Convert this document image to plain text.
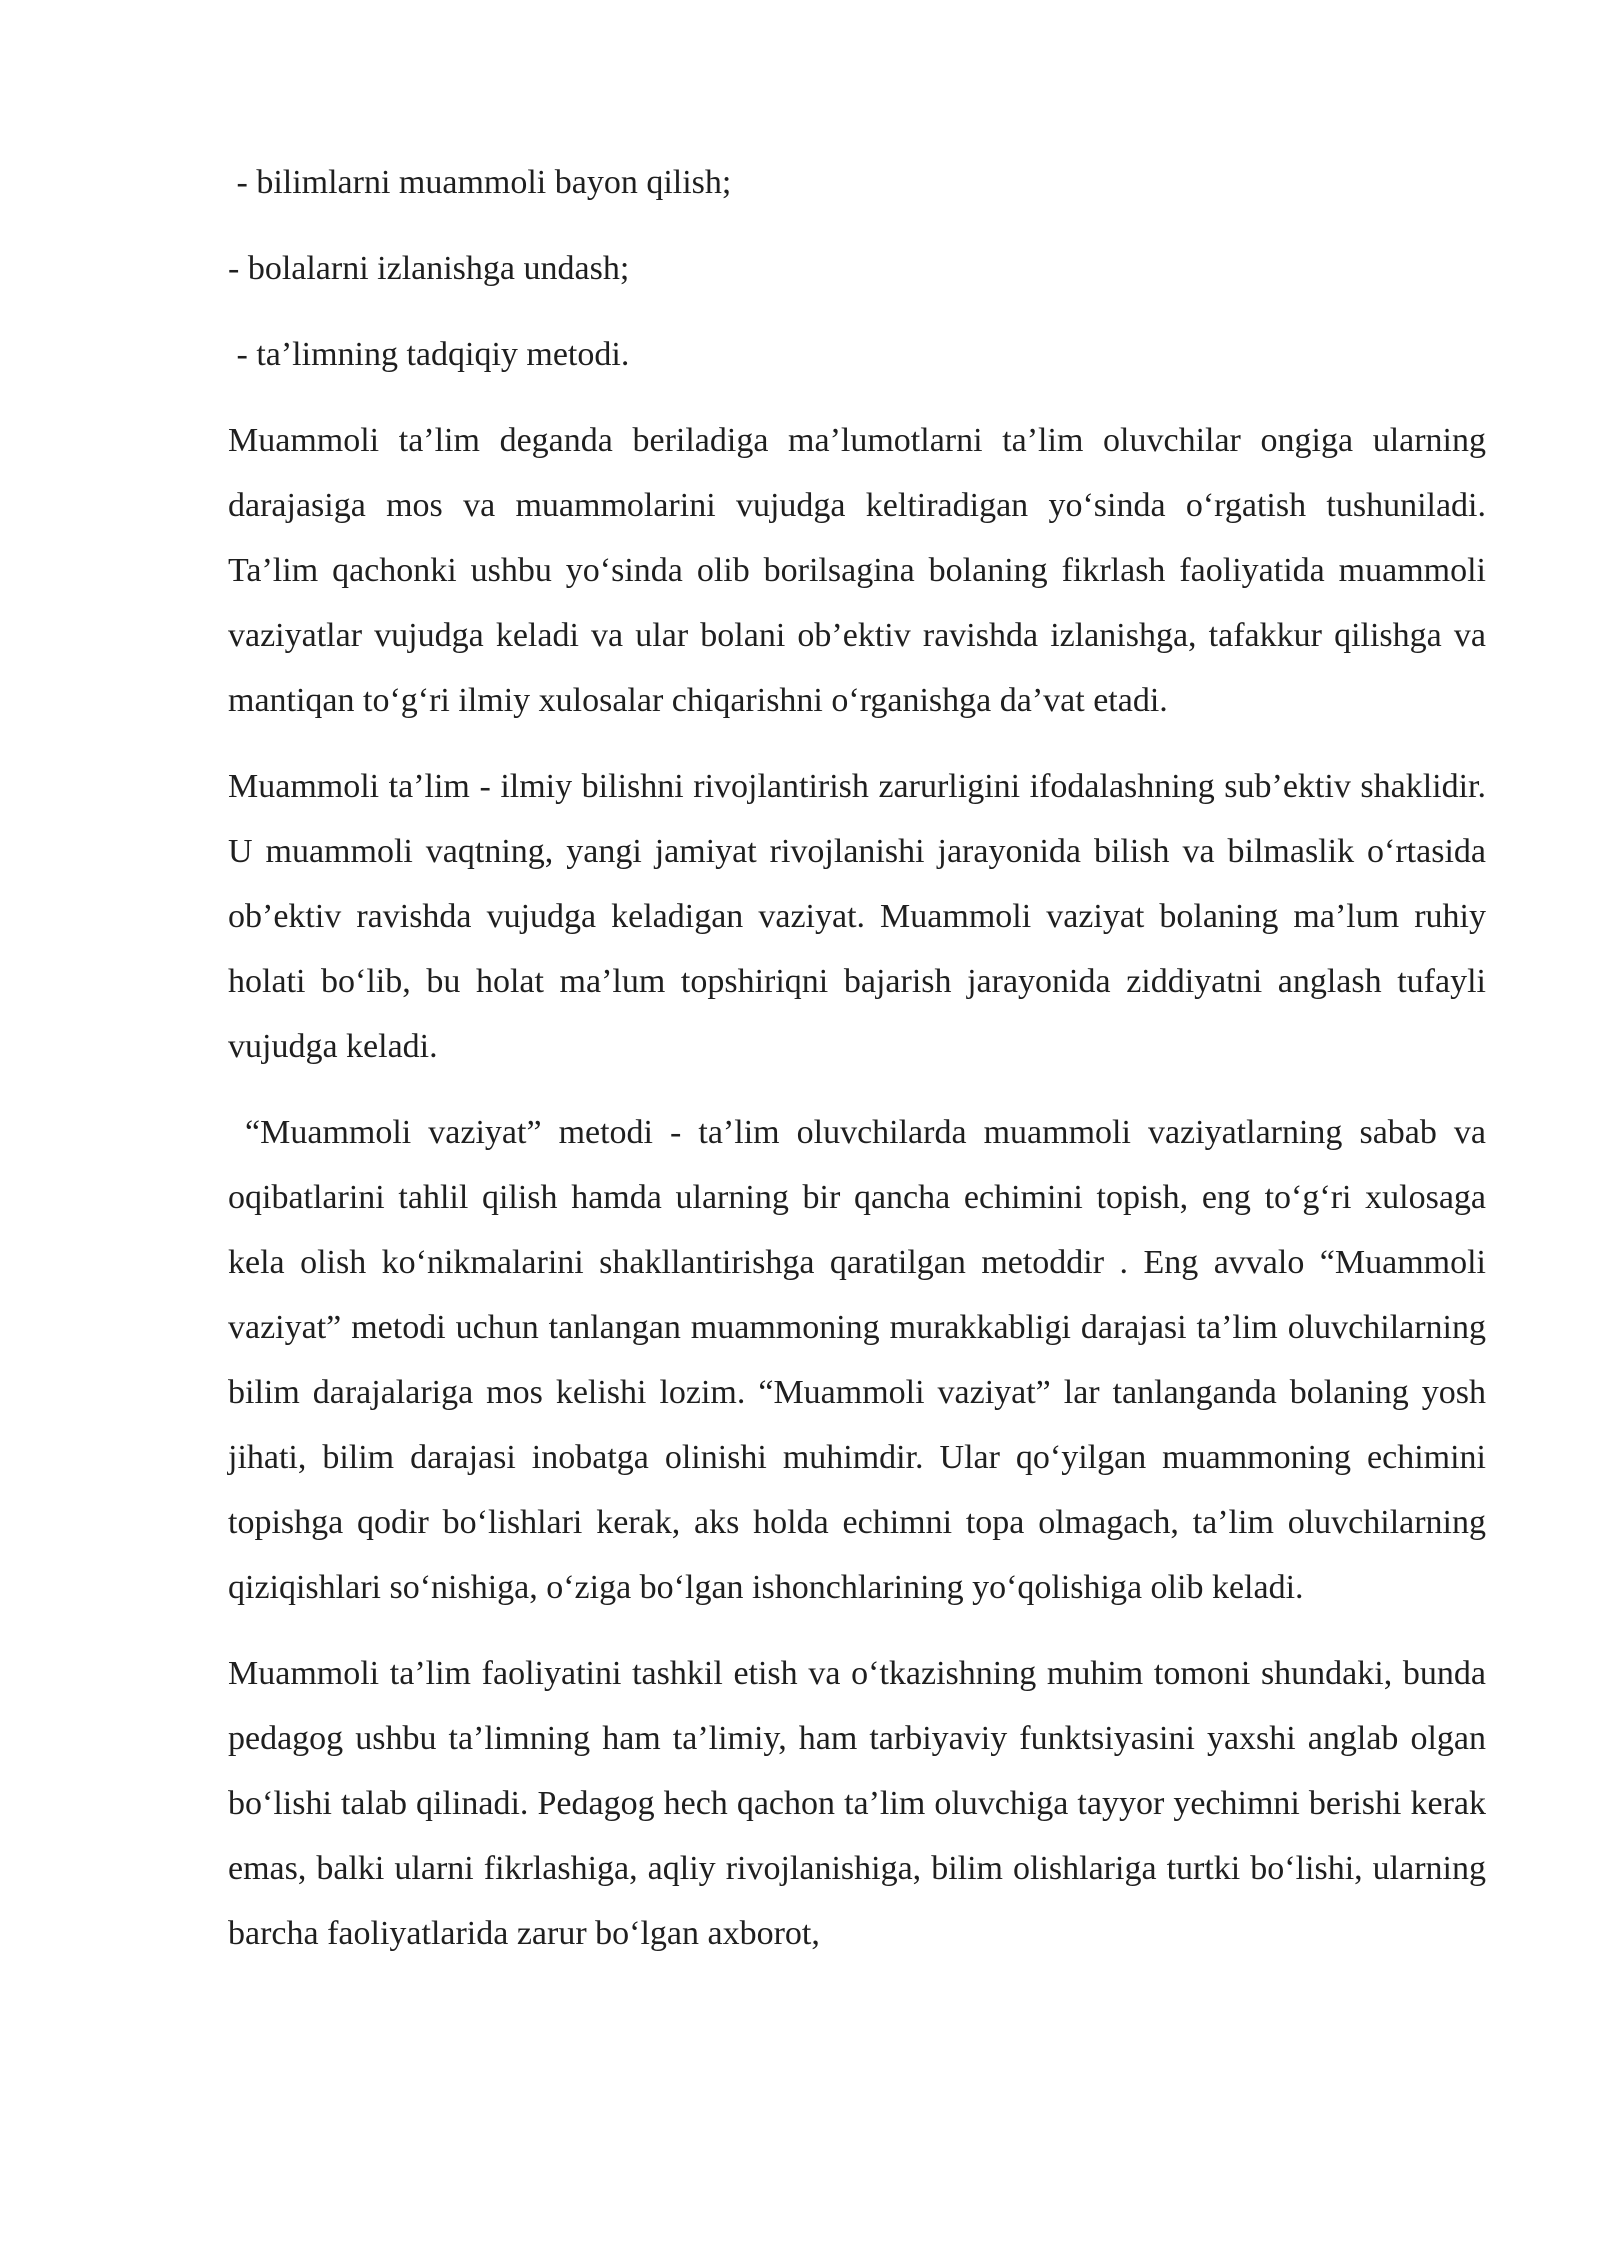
- bilimlarni muammoli bayon qilish;

- bolalarni izlanishga undash;

- ta’limning tadqiqiy metodi.

Muammoli ta’lim deganda beriladiga ma’lumotlarni ta’lim oluvchilar ongiga ularning darajasiga mos va muammolarini vujudga keltiradigan yo‘sinda o‘rgatish tushuniladi. Ta’lim qachonki ushbu yo‘sinda olib borilsagina bolaning fikrlash faoliyatida muammoli vaziyatlar vujudga keladi va ular bolani ob’ektiv ravishda izlanishga, tafakkur qilishga va mantiqan to‘g‘ri ilmiy xulosalar chiqarishni o‘rganishga da’vat etadi.

Muammoli ta’lim - ilmiy bilishni rivojlantirish zarurligini ifodalashning sub’ektiv shaklidir. U muammoli vaqtning, yangi jamiyat rivojlanishi jarayonida bilish va bilmaslik o‘rtasida ob’ektiv ravishda vujudga keladigan vaziyat. Muammoli vaziyat bolaning ma’lum ruhiy holati bo‘lib, bu holat ma’lum topshiriqni bajarish jarayonida ziddiyatni anglash tufayli vujudga keladi.

“Muammoli vaziyat” metodi - ta’lim oluvchilarda muammoli vaziyatlarning sabab va oqibatlarini tahlil qilish hamda ularning bir qancha echimini topish, eng to‘g‘ri xulosaga kela olish ko‘nikmalarini shakllantirishga qaratilgan metoddir . Eng avvalo “Muammoli vaziyat” metodi uchun tanlangan muammoning murakkabligi darajasi ta’lim oluvchilarning bilim darajalariga mos kelishi lozim. “Muammoli vaziyat” lar tanlanganda bolaning yosh jihati, bilim darajasi inobatga olinishi muhimdir. Ular qo‘yilgan muammoning echimini topishga qodir bo‘lishlari kerak, aks holda echimni topa olmagach, ta’lim oluvchilarning qiziqishlari so‘nishiga, o‘ziga bo‘lgan ishonchlarining yo‘qolishiga olib keladi.

Muammoli ta’lim faoliyatini tashkil etish va o‘tkazishning muhim tomoni shundaki, bunda pedagog ushbu ta’limning ham ta’limiy, ham tarbiyaviy funktsiyasini yaxshi anglab olgan bo‘lishi talab qilinadi. Pedagog hech qachon ta’lim oluvchiga tayyor yechimni berishi kerak emas, balki ularni fikrlashiga, aqliy rivojlanishiga, bilim olishlariga turtki bo‘lishi, ularning barcha faoliyatlarida zarur bo‘lgan axborot,
